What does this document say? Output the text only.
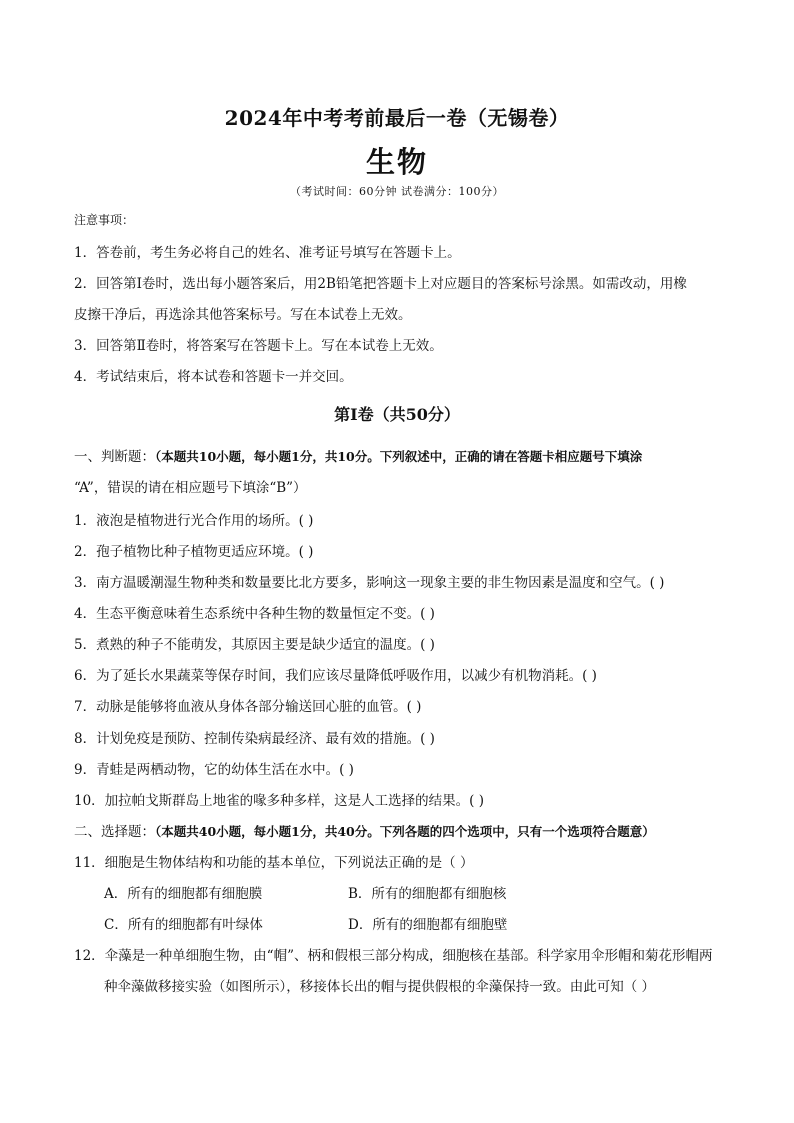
2024年中考考前最后一卷（无锡卷）
生物
（考试时间：60分钟 试卷满分：100分）
注意事项：
1．答卷前，考生务必将自己的姓名、准考证号填写在答题卡上。
2．回答第Ⅰ卷时，选出每小题答案后，用2B铅笔把答题卡上对应题目的答案标号涂黑。如需改动，用橡
皮擦干净后，再选涂其他答案标号。写在本试卷上无效。
3．回答第Ⅱ卷时，将答案写在答题卡上。写在本试卷上无效。
4．考试结束后，将本试卷和答题卡一并交回。
第Ⅰ卷（共50分）
一、判断题：（本题共10小题，每小题1分，共10分。下列叙述中，正确的请在答题卡相应题号下填涂
“A”，错误的请在相应题号下填涂“B”）
1．液泡是植物进行光合作用的场所。( )
2．孢子植物比种子植物更适应环境。( )
3．南方温暖潮湿生物种类和数量要比北方要多，影响这一现象主要的非生物因素是温度和空气。( )
4．生态平衡意味着生态系统中各种生物的数量恒定不变。( )
5．煮熟的种子不能萌发，其原因主要是缺少适宜的温度。( )
6．为了延长水果蔬菜等保存时间，我们应该尽量降低呼吸作用，以减少有机物消耗。( )
7．动脉是能够将血液从身体各部分输送回心脏的血管。( )
8．计划免疫是预防、控制传染病最经济、最有效的措施。( )
9．青蛙是两栖动物，它的幼体生活在水中。( )
10．加拉帕戈斯群岛上地雀的喙多种多样，这是人工选择的结果。( )
二、选择题：（本题共40小题，每小题1分，共40分。下列各题的四个选项中，只有一个选项符合题意）
11．细胞是生物体结构和功能的基本单位，下列说法正确的是（ ）
A．所有的细胞都有细胞膜	B．所有的细胞都有细胞核
C．所有的细胞都有叶绿体	D．所有的细胞都有细胞壁
12．伞藻是一种单细胞生物，由“帽”、柄和假根三部分构成，细胞核在基部。科学家用伞形帽和菊花形帽两
种伞藻做移接实验（如图所示），移接体长出的帽与提供假根的伞藻保持一致。由此可知（ ）
